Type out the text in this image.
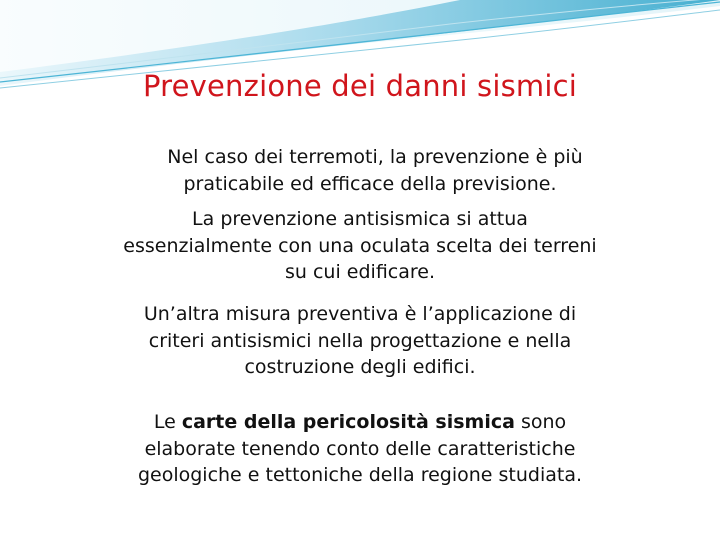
Prevenzione dei danni sismici
Nel caso dei terremoti, la prevenzione è più
praticabile ed efficace della previsione.
La prevenzione antisismica si attua
essenzialmente con una oculata scelta dei terreni
su cui edificare.
Un’altra misura preventiva è l’applicazione di
criteri antisismici nella progettazione e nella
costruzione degli edifici.
Le carte della pericolosità sismica sono
elaborate tenendo conto delle caratteristiche
geologiche e tettoniche della regione studiata.
